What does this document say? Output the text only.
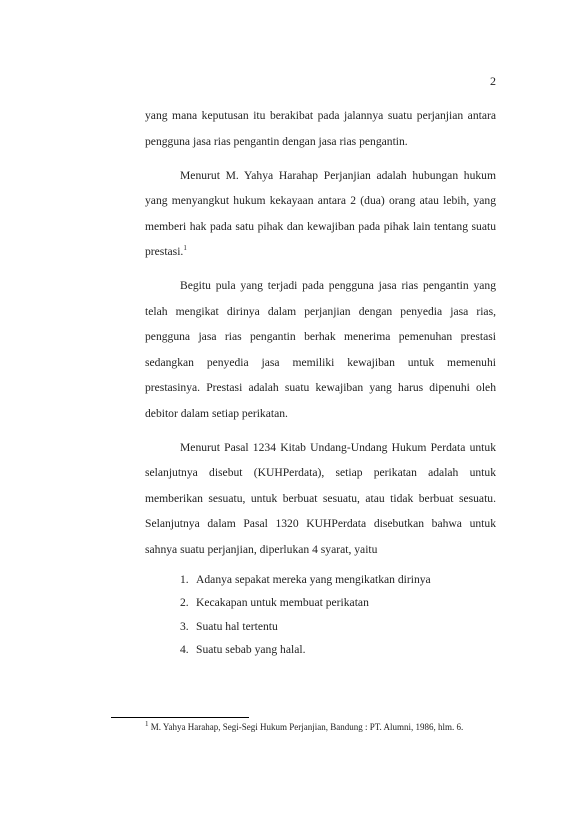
2
yang mana keputusan itu berakibat pada jalannya suatu perjanjian antara
pengguna jasa rias pengantin dengan jasa rias pengantin.
Menurut M. Yahya Harahap Perjanjian adalah hubungan hukum
yang menyangkut hukum kekayaan antara 2 (dua) orang atau lebih, yang
memberi hak pada satu pihak dan kewajiban pada pihak lain tentang suatu
prestasi.$^1$
Begitu pula yang terjadi pada pengguna jasa rias pengantin yang
telah mengikat dirinya dalam perjanjian dengan penyedia jasa rias,
pengguna jasa rias pengantin berhak menerima pemenuhan prestasi
sedangkan penyedia jasa memiliki kewajiban untuk memenuhi
prestasinya. Prestasi adalah suatu kewajiban yang harus dipenuhi oleh
debitor dalam setiap perikatan.
Menurut Pasal 1234 Kitab Undang-Undang Hukum Perdata untuk
selanjutnya disebut (KUHPerdata), setiap perikatan adalah untuk
memberikan sesuatu, untuk berbuat sesuatu, atau tidak berbuat sesuatu.
Selanjutnya dalam Pasal 1320 KUHPerdata disebutkan bahwa untuk
sahnya suatu perjanjian, diperlukan 4 syarat, yaitu
1. Adanya sepakat mereka yang mengikatkan dirinya
2. Kecakapan untuk membuat perikatan
3. Suatu hal tertentu
4. Suatu sebab yang halal.
$^1$ M. Yahya Harahap, Segi-Segi Hukum Perjanjian, Bandung : PT. Alumni, 1986, hlm. 6.
